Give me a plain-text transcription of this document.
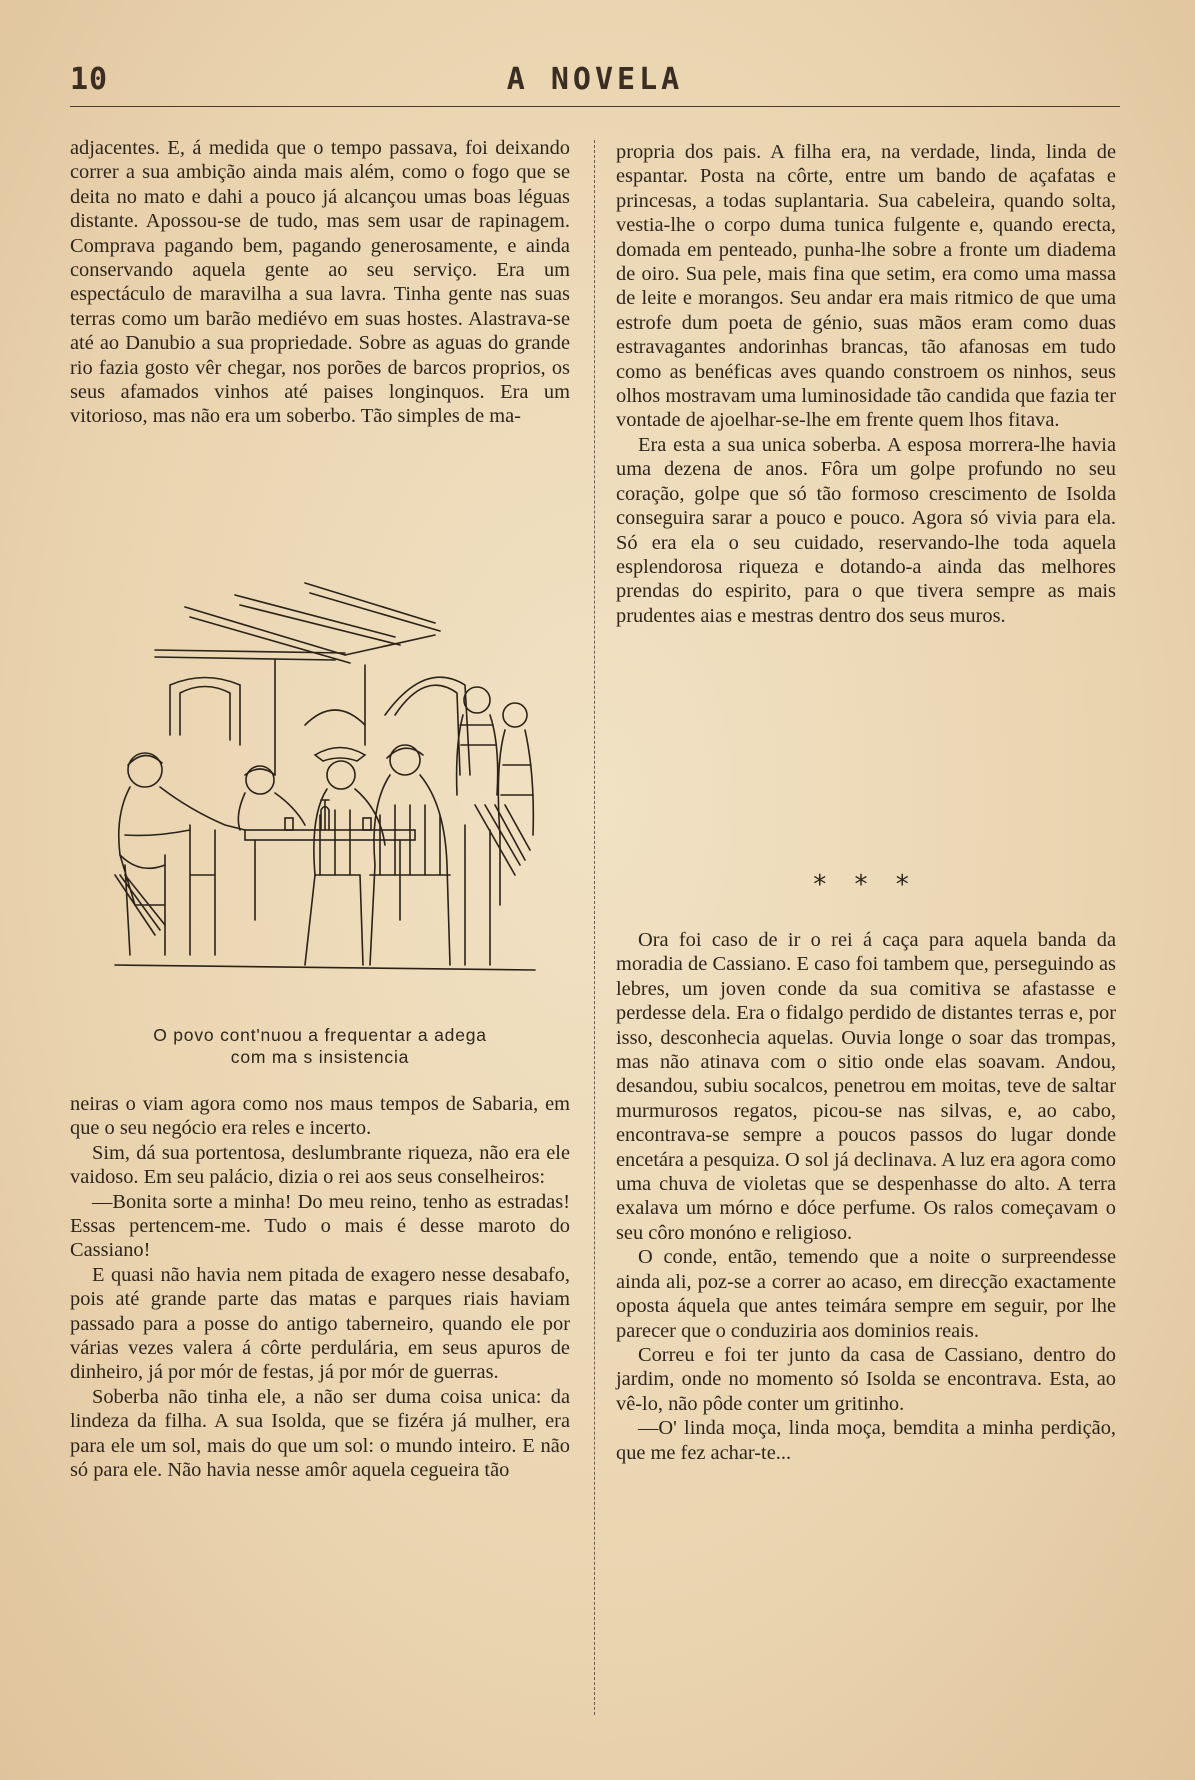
10	A NOVELA

adjacentes. E, á medida que o tempo passava, foi deixando correr a sua ambição ainda mais além, como o fogo que se deita no mato e dahi a pouco já alcançou umas boas léguas distante. Apossou-se de tudo, mas sem usar de rapinagem. Comprava pagando bem, pagando generosamente, e ainda conservando aquela gente ao seu serviço. Era um espectáculo de maravilha a sua lavra. Tinha gente nas suas terras como um barão mediévo em suas hostes. Alastrava-se até ao Danubio a sua propriedade. Sobre as aguas do grande rio fazia gosto vêr chegar, nos porões de barcos proprios, os seus afamados vinhos até paises longinquos. Era um vitorioso, mas não era um soberbo. Tão simples de ma-

O povo cont'nuou a frequentar a adega
com ma s insistencia

neiras o viam agora como nos maus tempos de Sabaria, em que o seu negócio era reles e incerto.

Sim, dá sua portentosa, deslumbrante riqueza, não era ele vaidoso. Em seu palácio, dizia o rei aos seus conselheiros:

—Bonita sorte a minha! Do meu reino, tenho as estradas! Essas pertencem-me. Tudo o mais é desse maroto do Cassiano!

E quasi não havia nem pitada de exagero nesse desabafo, pois até grande parte das matas e parques riais haviam passado para a posse do antigo taberneiro, quando ele por várias vezes valera á côrte perdulária, em seus apuros de dinheiro, já por mór de festas, já por mór de guerras.

Soberba não tinha ele, a não ser duma coisa unica: da lindeza da filha. A sua Isolda, que se fizéra já mulher, era para ele um sol, mais do que um sol: o mundo inteiro. E não só para ele. Não havia nesse amôr aquela cegueira tão

propria dos pais. A filha era, na verdade, linda, linda de espantar. Posta na côrte, entre um bando de açafatas e princesas, a todas suplantaria. Sua cabeleira, quando solta, vestia-lhe o corpo duma tunica fulgente e, quando erecta, domada em penteado, punha-lhe sobre a fronte um diadema de oiro. Sua pele, mais fina que setim, era como uma massa de leite e morangos. Seu andar era mais ritmico de que uma estrofe dum poeta de génio, suas mãos eram como duas estravagantes andorinhas brancas, tão afanosas em tudo como as benéficas aves quando constroem os ninhos, seus olhos mostravam uma luminosidade tão candida que fazia ter vontade de ajoelhar-se-lhe em frente quem lhos fitava.

Era esta a sua unica soberba. A esposa morrera-lhe havia uma dezena de anos. Fôra um golpe profundo no seu coração, golpe que só tão formoso crescimento de Isolda conseguira sarar a pouco e pouco. Agora só vivia para ela. Só era ela o seu cuidado, reservando-lhe toda aquela esplendorosa riqueza e dotando-a ainda das melhores prendas do espirito, para o que tivera sempre as mais prudentes aias e mestras dentro dos seus muros.

* * *

Ora foi caso de ir o rei á caça para aquela banda da moradia de Cassiano. E caso foi tambem que, perseguindo as lebres, um joven conde da sua comitiva se afastasse e perdesse dela. Era o fidalgo perdido de distantes terras e, por isso, desconhecia aquelas. Ouvia longe o soar das trompas, mas não atinava com o sitio onde elas soavam. Andou, desandou, subiu socalcos, penetrou em moitas, teve de saltar murmurosos regatos, picou-se nas silvas, e, ao cabo, encontrava-se sempre a poucos passos do lugar donde encetára a pesquiza. O sol já declinava. A luz era agora como uma chuva de violetas que se despenhasse do alto. A terra exalava um mórno e dóce perfume. Os ralos começavam o seu côro monóno e religioso.

O conde, então, temendo que a noite o surpreendesse ainda ali, poz-se a correr ao acaso, em direcção exactamente oposta áquela que antes teimára sempre em seguir, por lhe parecer que o conduziria aos dominios reais.

Correu e foi ter junto da casa de Cassiano, dentro do jardim, onde no momento só Isolda se encontrava. Esta, ao vê-lo, não pôde conter um gritinho.

—O' linda moça, linda moça, bemdita a minha perdição, que me fez achar-te...
